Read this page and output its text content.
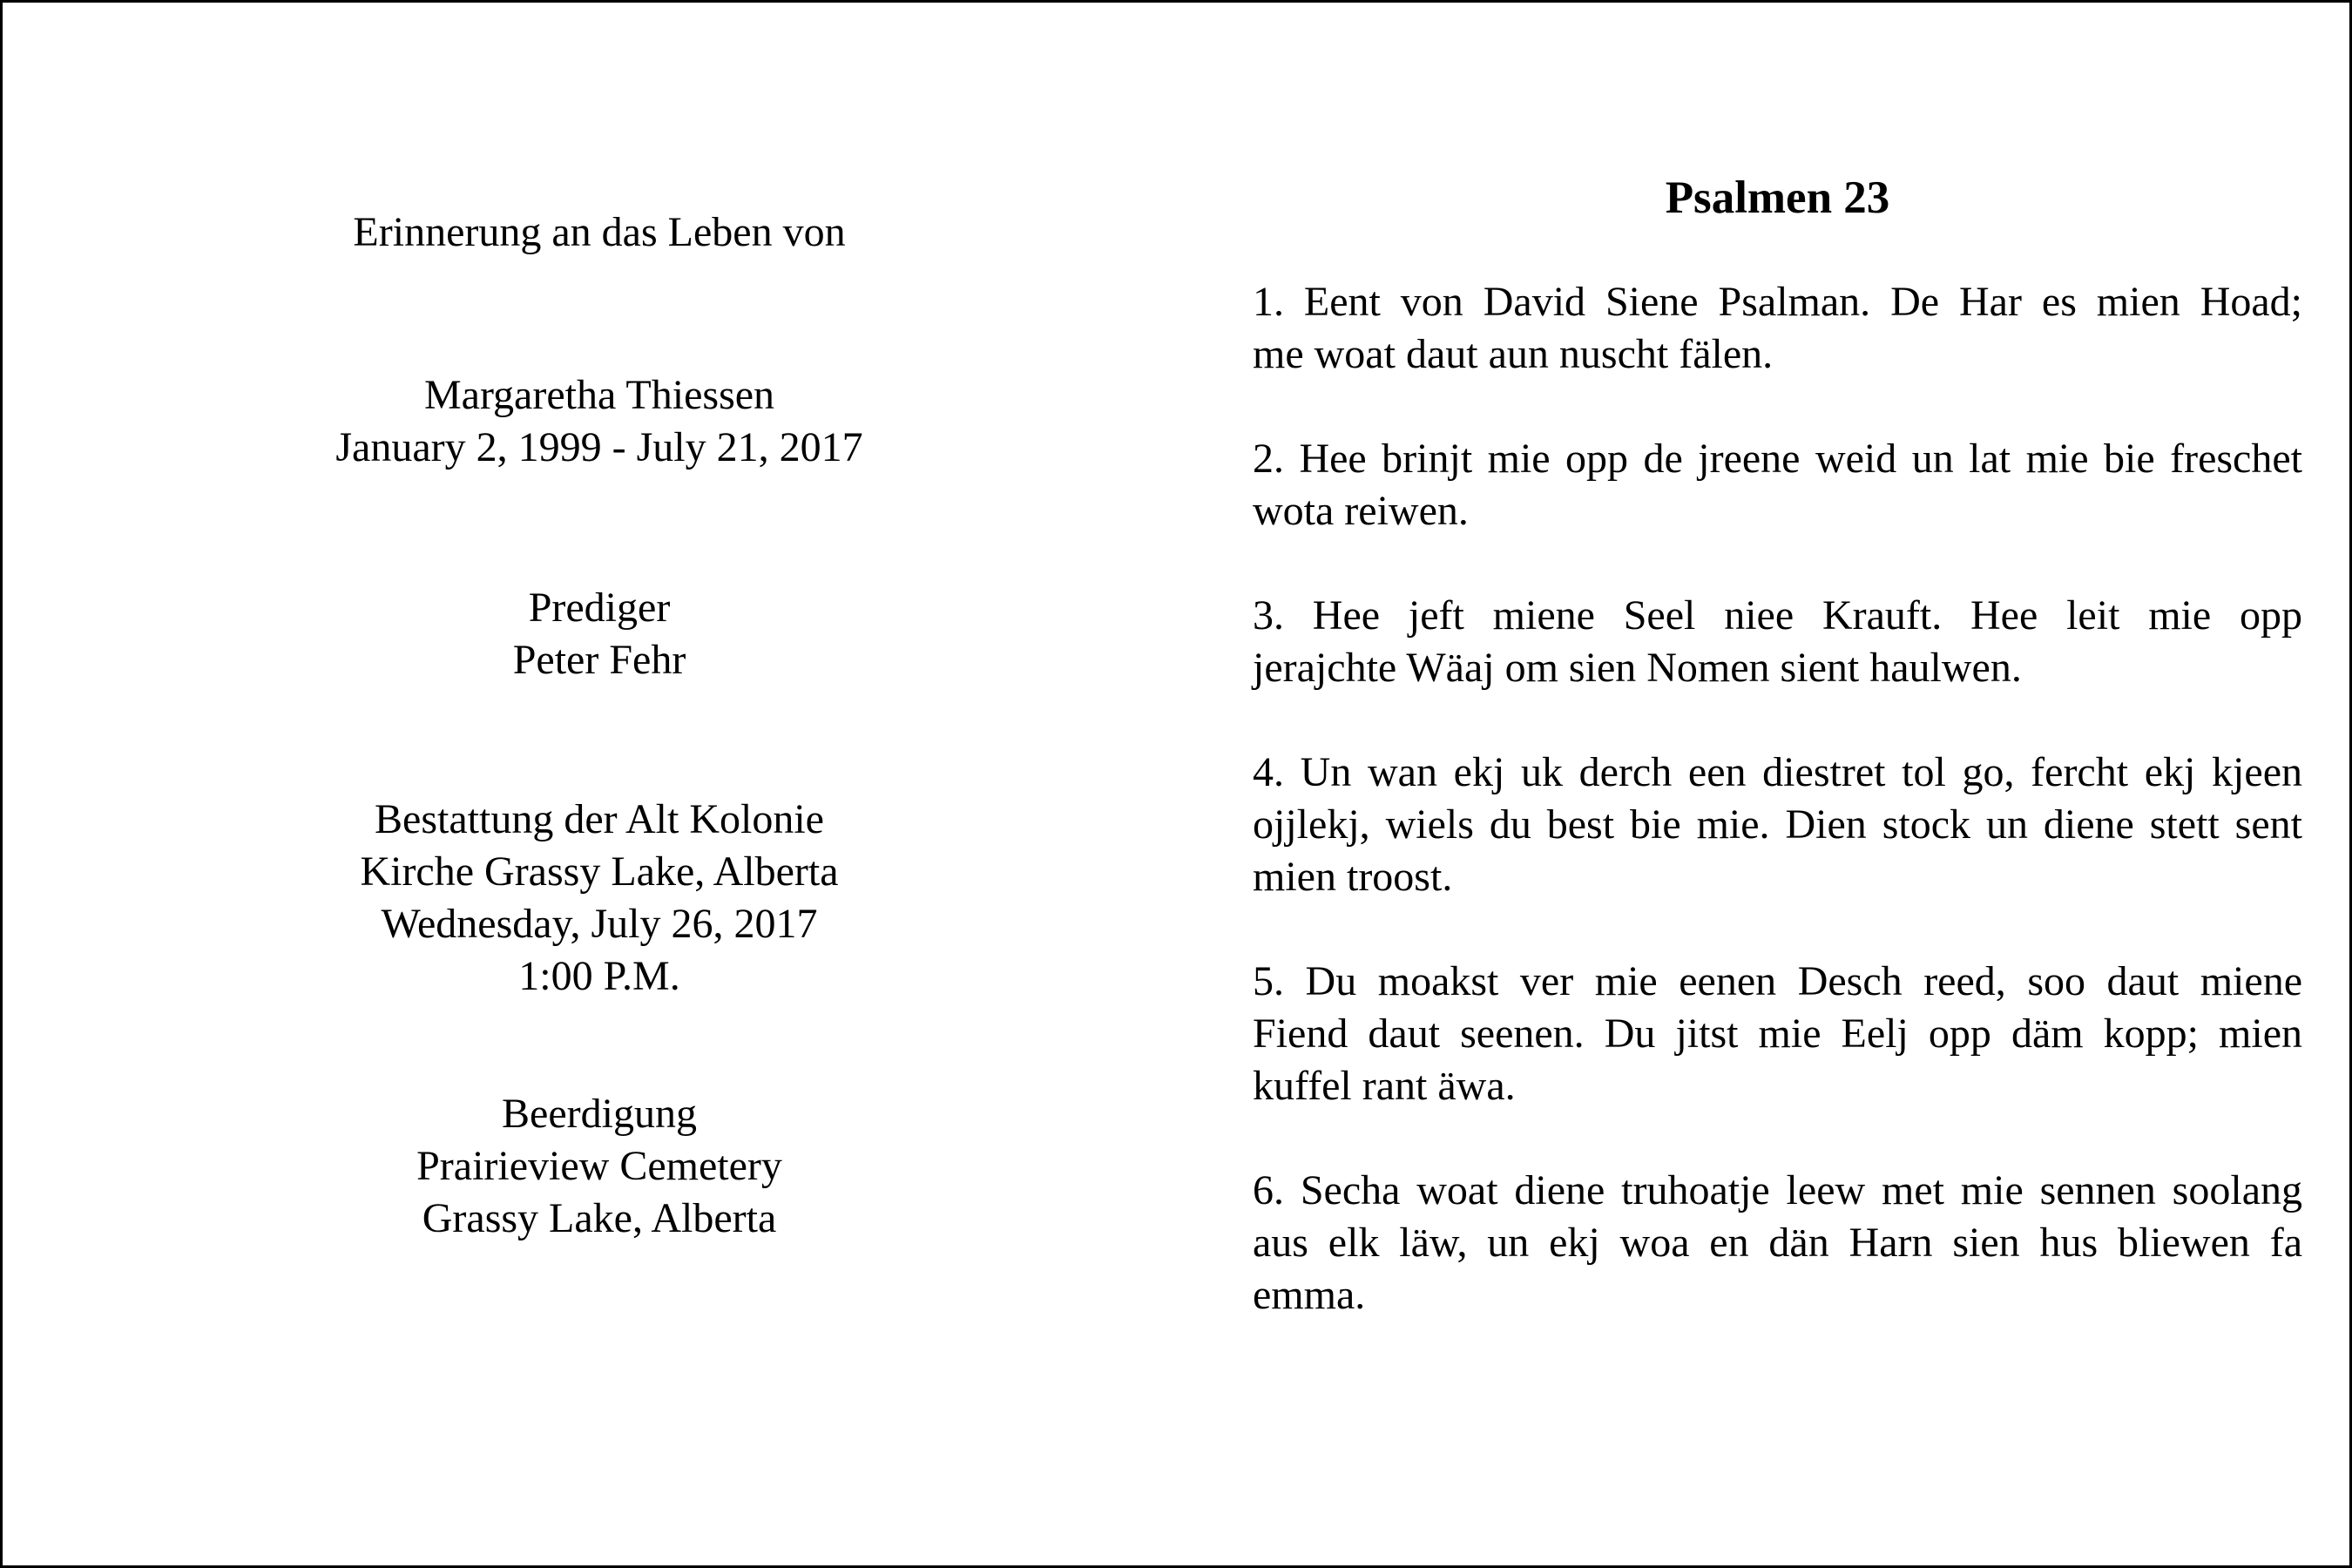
Erinnerung an das Leben von
Margaretha Thiessen
January 2, 1999 - July 21, 2017
Prediger
Peter Fehr
Bestattung der Alt Kolonie
Kirche Grassy Lake, Alberta
Wednesday, July 26, 2017
1:00 P.M.
Beerdigung
Prairieview Cemetery
Grassy Lake, Alberta
Psalmen 23
1. Eent von David Siene Psalman. De Har es mien Hoad;
me woat daut aun nuscht fälen.
2. Hee brinjt mie opp de jreene weid un lat mie bie freschet
wota reiwen.
3. Hee jeft miene Seel niee Krauft. Hee leit mie opp
jerajchte Wäaj om sien Nomen sient haulwen.
4. Un wan ekj uk derch een diestret tol go, fercht ekj kjeen
ojjlekj, wiels du best bie mie. Dien stock un diene stett sent
mien troost.
5. Du moakst ver mie eenen Desch reed, soo daut miene
Fiend daut seenen. Du jitst mie Eelj opp däm kopp; mien
kuffel rant äwa.
6. Secha woat diene truhoatje leew met mie sennen soolang
aus elk läw, un ekj woa en dän Harn sien hus bliewen fa
emma.
